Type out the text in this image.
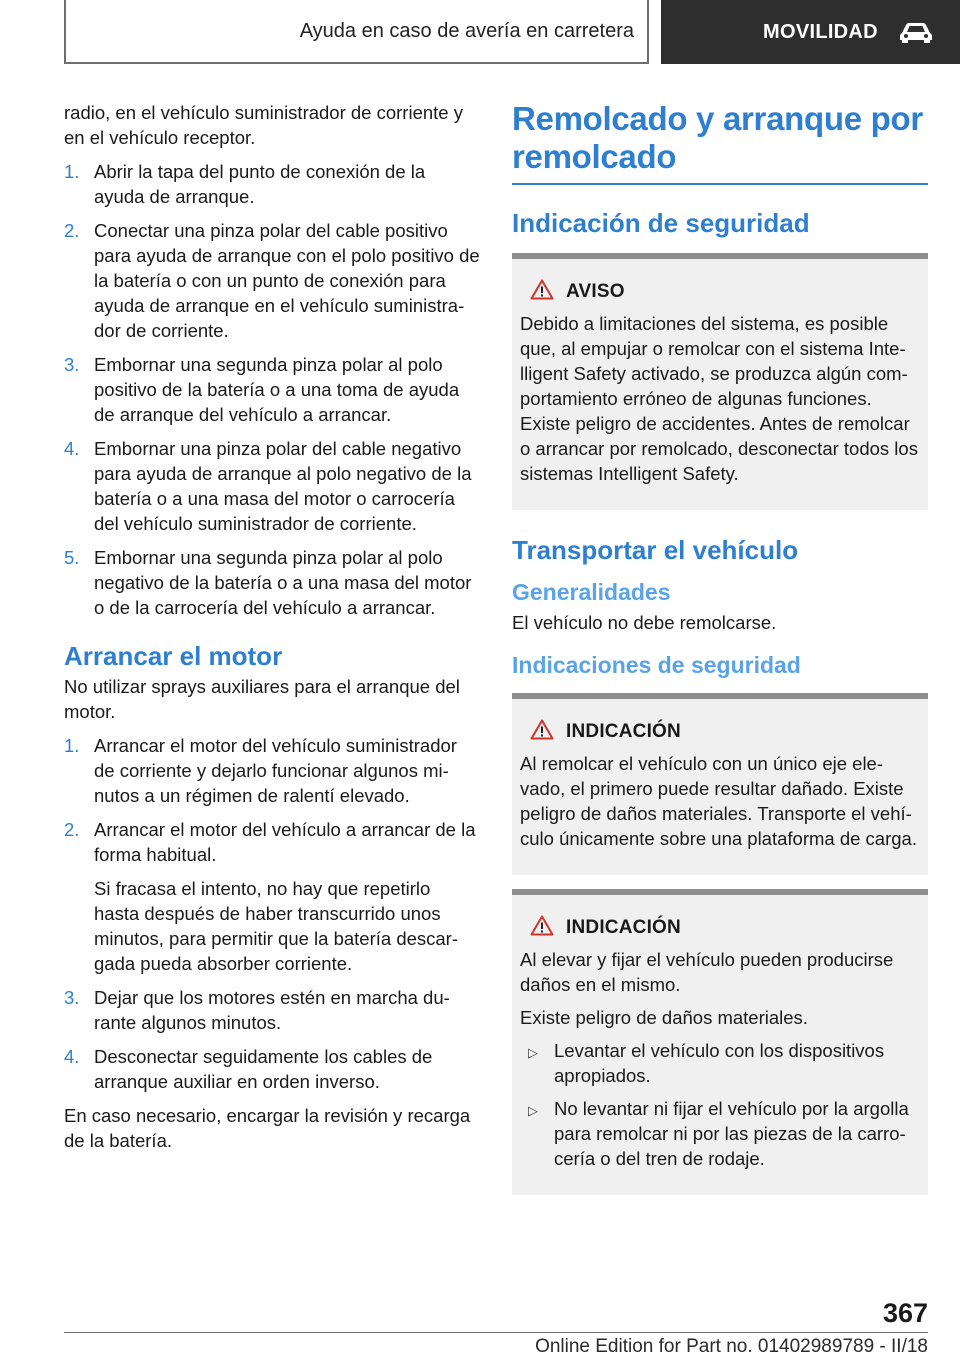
Ayuda en caso de avería en carretera	MOVILIDAD

radio, en el vehículo suministrador de corriente y en el vehículo receptor.

1. Abrir la tapa del punto de conexión de la ayuda de arranque.
2. Conectar una pinza polar del cable positivo para ayuda de arranque con el polo positivo de la batería o con un punto de conexión para ayuda de arranque en el vehículo suministrador de corriente.
3. Embornar una segunda pinza polar al polo positivo de la batería o a una toma de ayuda de arranque del vehículo a arrancar.
4. Embornar una pinza polar del cable negativo para ayuda de arranque al polo negativo de la batería o a una masa del motor o carrocería del vehículo suministrador de corriente.
5. Embornar una segunda pinza polar al polo negativo de la batería o a una masa del motor o de la carrocería del vehículo a arrancar.
Arrancar el motor

No utilizar sprays auxiliares para el arranque del motor.

1. Arrancar el motor del vehículo suministrador de corriente y dejarlo funcionar algunos minutos a un régimen de ralentí elevado.
2. Arrancar el motor del vehículo a arrancar de la forma habitual.

Si fracasa el intento, no hay que repetirlo hasta después de haber transcurrido unos minutos, para permitir que la batería descargada pueda absorber corriente.

3. Dejar que los motores estén en marcha durante algunos minutos.
4. Desconectar seguidamente los cables de arranque auxiliar en orden inverso.

En caso necesario, encargar la revisión y recarga de la batería.

Remolcado y arranque por remolcado
Indicación de seguridad
AVISO

Debido a limitaciones del sistema, es posible que, al empujar o remolcar con el sistema Intelligent Safety activado, se produzca algún comportamiento erróneo de algunas funciones. Existe peligro de accidentes. Antes de remolcar o arrancar por remolcado, desconectar todos los sistemas Intelligent Safety.

Transportar el vehículo
Generalidades

El vehículo no debe remolcarse.

Indicaciones de seguridad
INDICACIÓN

Al remolcar el vehículo con un único eje elevado, el primero puede resultar dañado. Existe peligro de daños materiales. Transporte el vehículo únicamente sobre una plataforma de carga.

INDICACIÓN

Al elevar y fijar el vehículo pueden producirse daños en el mismo.

Existe peligro de daños materiales.

▷ Levantar el vehículo con los dispositivos apropiados.
▷ No levantar ni fijar el vehículo por la argolla para remolcar ni por las piezas de la carrocería o del tren de rodaje.
367
Online Edition for Part no. 01402989789 - II/18
